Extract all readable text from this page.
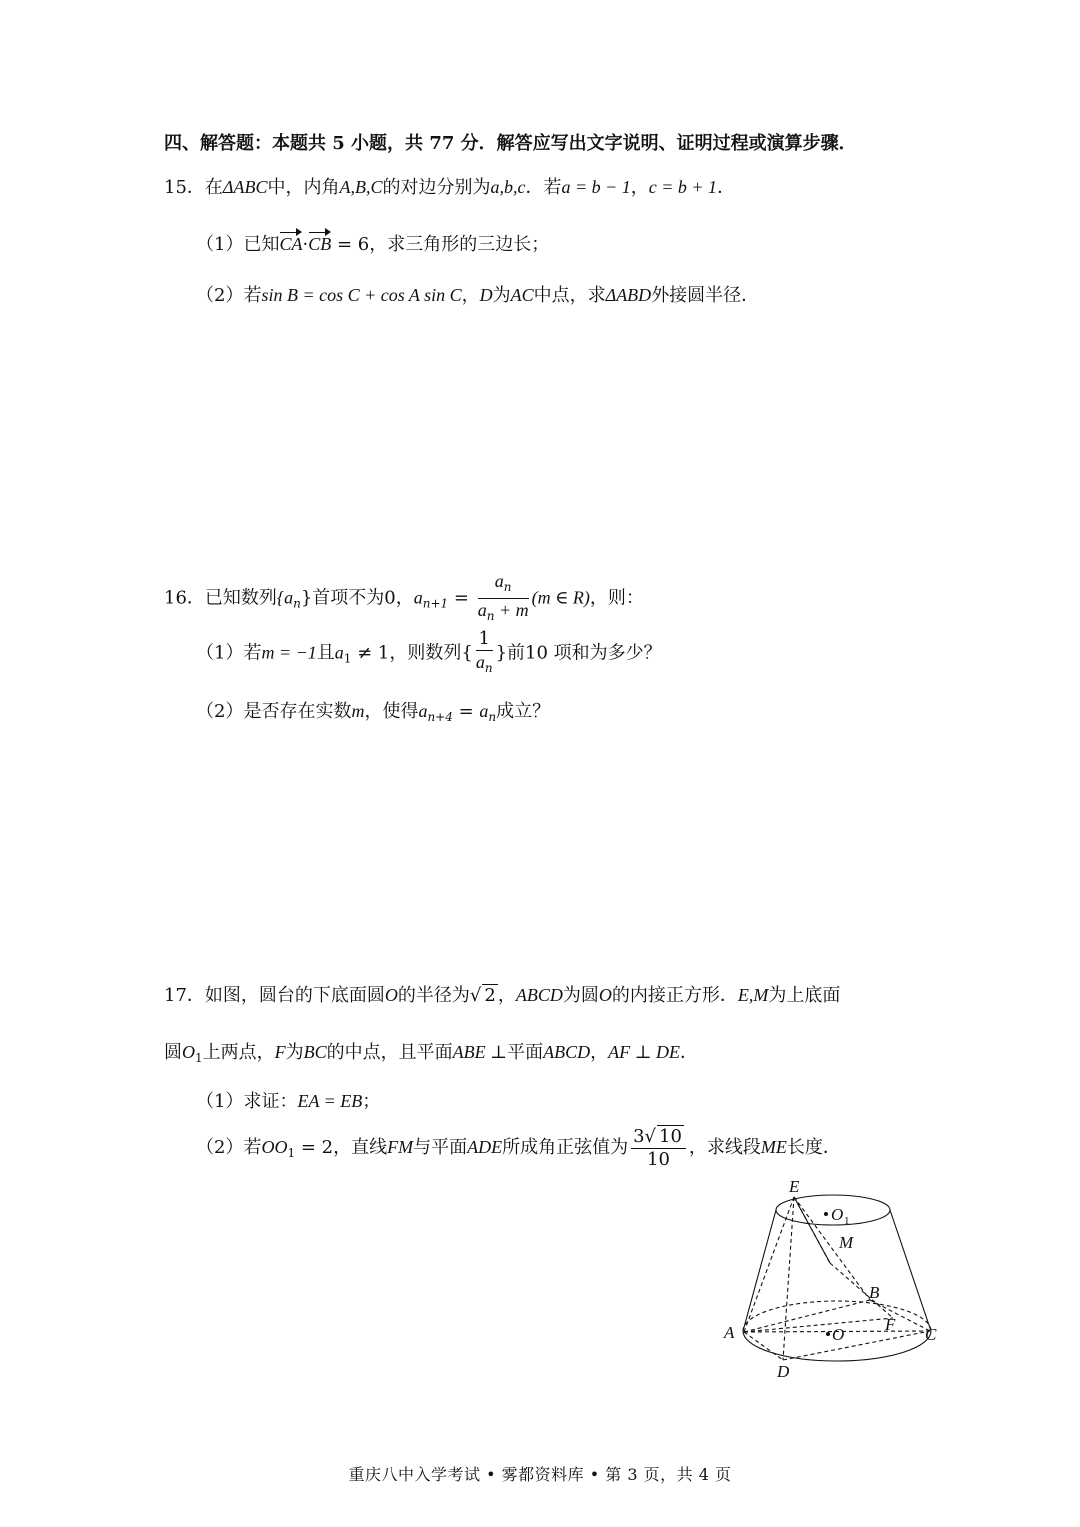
四、解答题：本题共 5 小题，共 77 分．解答应写出文字说明、证明过程或演算步骤．
15．在ΔABC中，内角A,B,C的对边分别为a,b,c．若a = b − 1，c = b + 1．
（1）已知CA·CB = 6，求三角形的三边长；
（2）若sin B = cos C + cos A sin C，D为AC中点，求ΔABD外接圆半径．
16．已知数列$\{a_n\}$首项不为0，$a_{n+1} = \frac{a_n}{a_n + m} (m$ ∈ R)，则：
（1）若m = −1且$a_1 \ne 1$，则数列{ $\frac{1}{a_n}$ }前10 项和为多少？
（2）是否存在实数m，使得$a_{n+4} = a_n$成立？
17．如图，圆台的下底面圆O的半径为√ 2 ，ABCD为圆O的内接正方形．E,M为上底面
圆$O_1$上两点，F为BC的中点，且平面ABE ⊥平面ABCD，AF ⊥ DE．
（1）求证：EA = EB；
（2）若$OO_1 = 2$，直线FM与平面ADE所成角正弦值为 $\frac{3√ 10}{10}$ ，求线段ME长度．
E
O 1
M
B
A	O
F
C
D
重庆八中入学考试 • 雾都资料库 • 第 3 页，共 4 页
